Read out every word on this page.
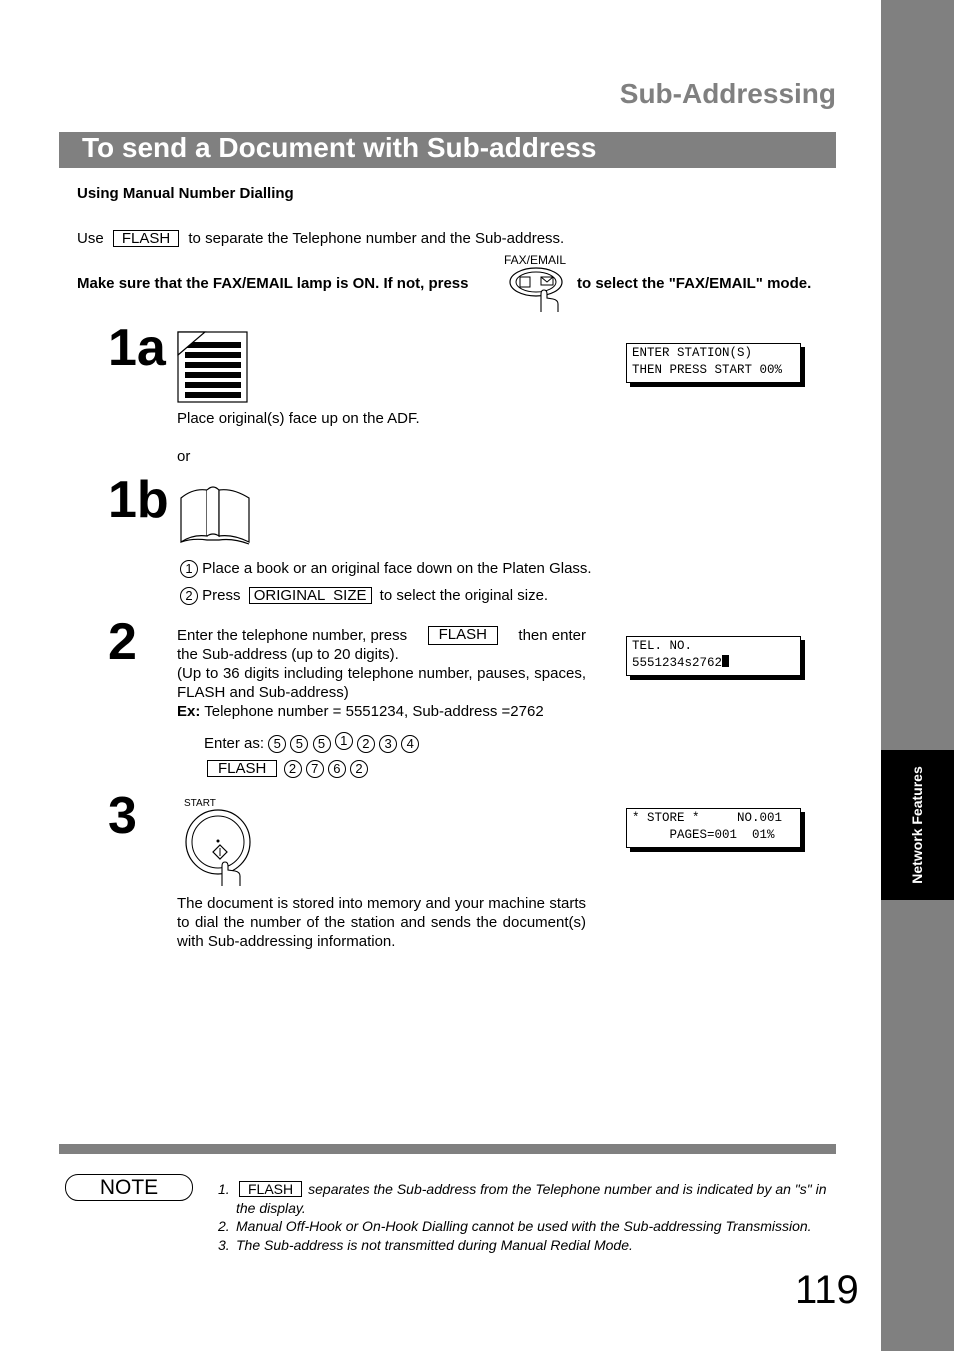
Network Features
Sub-Addressing
To send a Document with Sub-address
Using Manual Number Dialling
Use FLASH to separate the Telephone number and the Sub-address.
Make sure that the FAX/EMAIL lamp is ON. If not, press
FAX/EMAIL
to select the "FAX/EMAIL" mode.
1a
Place original(s) face up on the ADF.
ENTER STATION(S)
THEN PRESS START 00%
or
1b
1 Place a book or an original face down on the Platen Glass.
2 Press ORIGINAL  SIZE to select the original size.
2	Enter the telephone number, press	FLASH	then enter
the Sub-address (up to 20 digits).
(Up to 36 digits including telephone number, pauses, spaces, FLASH and Sub-address)
Ex: Telephone number = 5551234, Sub-address =2762
Enter as: 5 5 5 1 2 3 4
FLASH 2 7 6 2
TEL. NO.
5551234s2762
3	START
* STORE *     NO.001
PAGES=001  01%
The document is stored into memory and your machine starts to dial the number of the station and sends the document(s) with Sub-addressing information.
NOTE	1.	FLASH separates the Sub-address from the Telephone number and is indicated by an "s" in the display.
2. Manual Off-Hook or On-Hook Dialling cannot be used with the Sub-addressing Transmission.
3. The Sub-address is not transmitted during Manual Redial Mode.
119
